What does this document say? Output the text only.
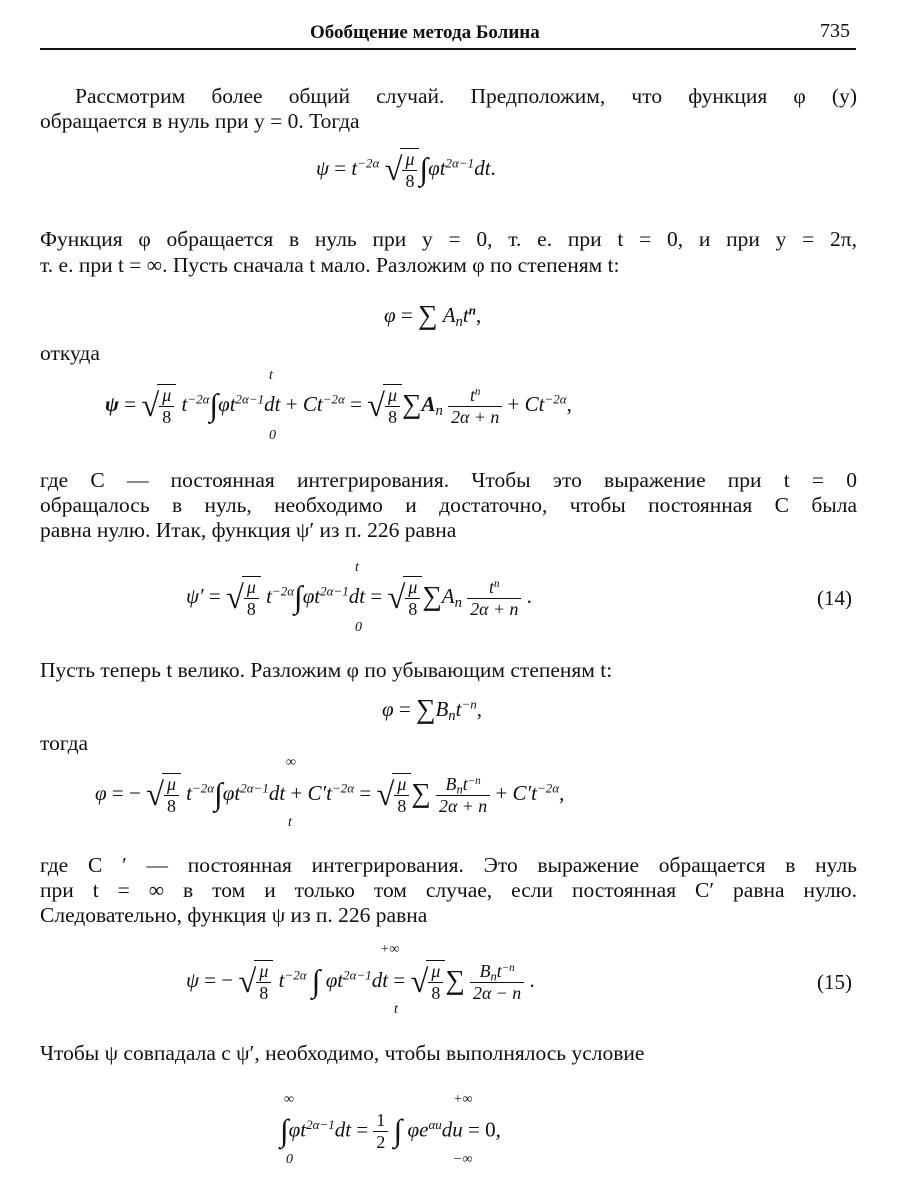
Обобщение метода Болина	735
Рассмотрим более общий случай. Предположим, что функция φ (y)
обращается в нуль при y = 0. Тогда
$\psi = t^{-2\alpha}$ √ $\frac{\mu}{8} \int\varphi t^{2\alpha-1}dt$.
Функция φ обращается в нуль при y = 0, т. е. при t = 0, и при y = 2π,
т. е. при t = ∞. Пусть сначала t мало. Разложим φ по степеням t:
φ = ∑ $A_nt^n$,
откуда
ψ = √ $\frac{\mu}{8} t^{-2\alpha}\int\varphi t^{2\alpha-1}dt + Ct^{-2\alpha}$ = √ $\frac{\mu}{8} \sum A_n \frac{t^n}{2\alpha + n} + Ct^{-2\alpha}$,
t
0
где C — постоянная интегрирования. Чтобы это выражение при t = 0
обращалось в нуль, необходимо и достаточно, чтобы постоянная C была
равна нулю. Итак, функция ψ′ из п. 226 равна
ψ′ = √ $\frac{\mu}{8} t^{-2\alpha}\int\varphi t^{2\alpha-1}dt$ = √ $\frac{\mu}{8} \sum A_n \frac{t^n}{2\alpha + n}$ .
t
0
(14)
Пусть теперь t велико. Разложим φ по убывающим степеням t:
$\varphi = \sum B_nt^{-n}$,
тогда
φ = − √ $\frac{\mu}{8} t^{-2\alpha}\int\varphi t^{2\alpha-1}dt + C't^{-2\alpha}$ = √ $\frac{\mu}{8}$ ∑ $\frac{B_nt^{-n}}{2\alpha + n} + C't^{-2\alpha}$,
∞
t
где C ′ — постоянная интегрирования. Это выражение обращается в нуль
при t = ∞ в том и только том случае, если постоянная C′ равна нулю.
Следовательно, функция ψ из п. 226 равна
ψ = − √ $\frac{\mu}{8} t^{-2\alpha}$ ∫ $\varphi t^{2\alpha-1}dt$ = √ $\frac{\mu}{8}$ ∑ $\frac{B_nt^{-n}}{2\alpha - n}$ .
+∞
t
(15)
Чтобы ψ совпадала с ψ′, необходимо, чтобы выполнялось условие
$\int\varphi t^{2\alpha-1}dt = \frac{1}{2}$ ∫ $\varphi e^{\alpha u}du = 0$,
∞
0
+∞
−∞
